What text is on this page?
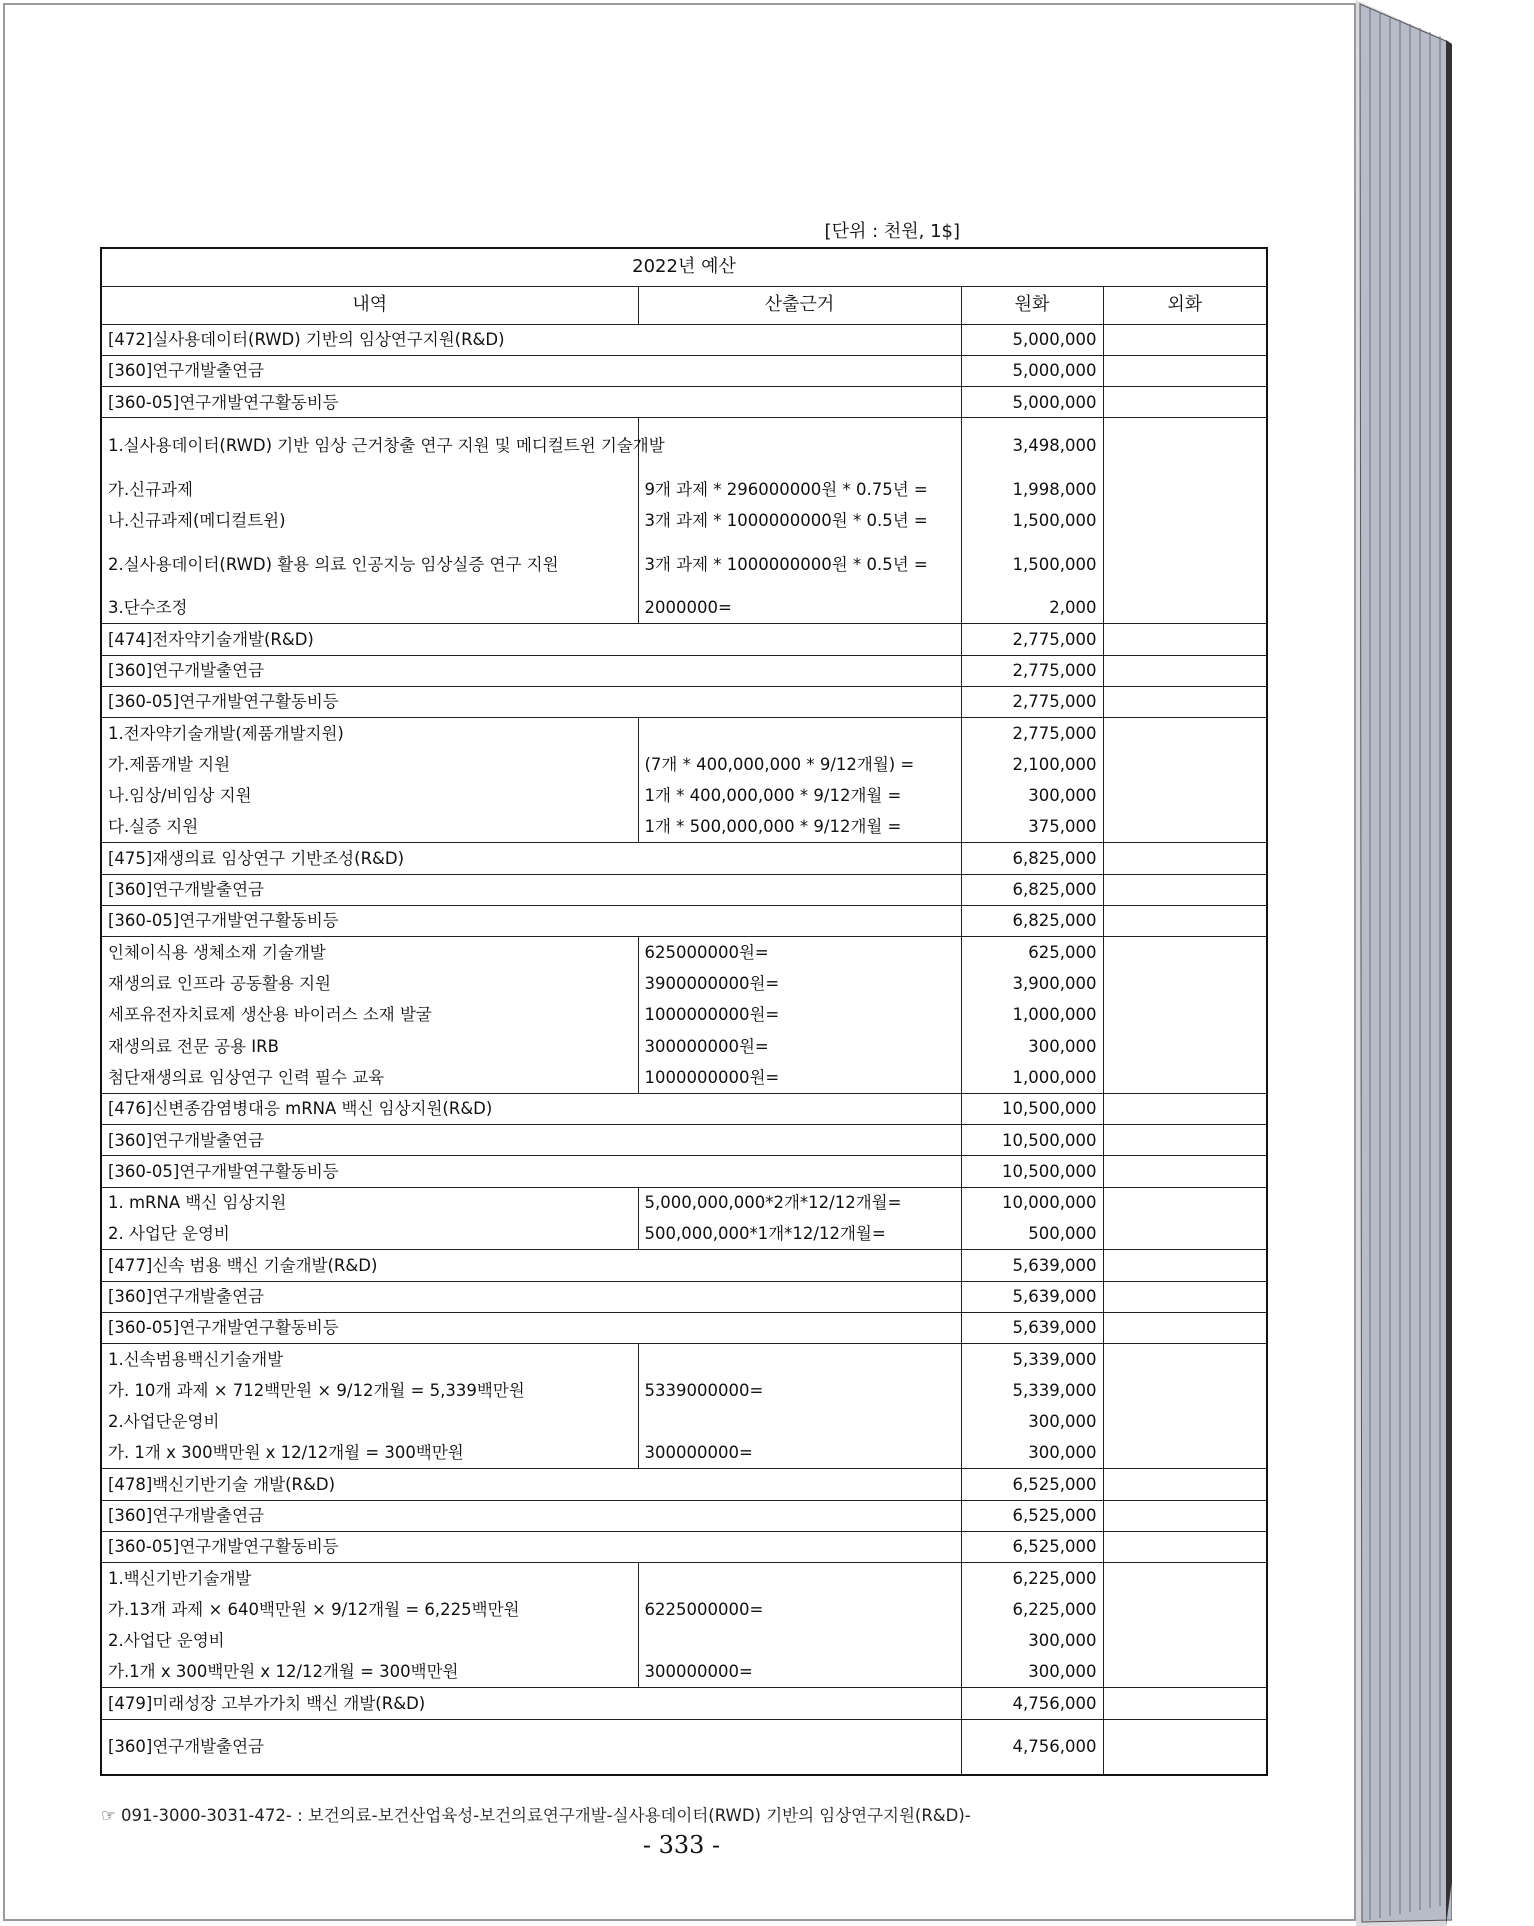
[단위 : 천원, 1$]
2022년 예산			
내역	산출근거	원화	외화
[472]실사용데이터(RWD) 기반의 임상연구지원(R&D)		5,000,000	
[360]연구개발출연금		5,000,000	
[360-05]연구개발연구활동비등		5,000,000	
1.실사용데이터(RWD) 기반 임상 근거창출 연구 지원 및 메디컬트윈 기술개발		3,498,000	
가.신규과제	9개 과제 * 296000000원 * 0.75년 =	1,998,000	
나.신규과제(메디컬트윈)	3개 과제 * 1000000000원 * 0.5년 =	1,500,000	
2.실사용데이터(RWD) 활용 의료 인공지능 임상실증 연구 지원	3개 과제 * 1000000000원 * 0.5년 =	1,500,000	
3.단수조정	2000000=	2,000	
[474]전자약기술개발(R&D)		2,775,000	
[360]연구개발출연금		2,775,000	
[360-05]연구개발연구활동비등		2,775,000	
1.전자약기술개발(제품개발지원)		2,775,000	
가.제품개발 지원	(7개 * 400,000,000 * 9/12개월) =	2,100,000	
나.임상/비임상 지원	1개 * 400,000,000 * 9/12개월 =	300,000	
다.실증 지원	1개 * 500,000,000 * 9/12개월 =	375,000	
[475]재생의료 임상연구 기반조성(R&D)		6,825,000	
[360]연구개발출연금		6,825,000	
[360-05]연구개발연구활동비등		6,825,000	
인체이식용 생체소재 기술개발	625000000원=	625,000	
재생의료 인프라 공동활용 지원	3900000000원=	3,900,000	
세포유전자치료제 생산용 바이러스 소재 발굴	1000000000원=	1,000,000	
재생의료 전문 공용 IRB	300000000원=	300,000	
첨단재생의료 임상연구 인력 필수 교육	1000000000원=	1,000,000	
[476]신변종감염병대응 mRNA 백신 임상지원(R&D)		10,500,000	
[360]연구개발출연금		10,500,000	
[360-05]연구개발연구활동비등		10,500,000	
1. mRNA 백신 임상지원	5,000,000,000*2개*12/12개월=	10,000,000	
2. 사업단 운영비	500,000,000*1개*12/12개월=	500,000	
[477]신속 범용 백신 기술개발(R&D)		5,639,000	
[360]연구개발출연금		5,639,000	
[360-05]연구개발연구활동비등		5,639,000	
1.신속범용백신기술개발		5,339,000	
가. 10개 과제 × 712백만원 × 9/12개월 = 5,339백만원	5339000000=	5,339,000	
2.사업단운영비		300,000	
가. 1개 x 300백만원 x 12/12개월 = 300백만원	300000000=	300,000	
[478]백신기반기술 개발(R&D)		6,525,000	
[360]연구개발출연금		6,525,000	
[360-05]연구개발연구활동비등		6,525,000	
1.백신기반기술개발		6,225,000	
가.13개 과제 × 640백만원 × 9/12개월 = 6,225백만원	6225000000=	6,225,000	
2.사업단 운영비		300,000	
가.1개 x 300백만원 x 12/12개월 = 300백만원	300000000=	300,000	
[479]미래성장 고부가가치 백신 개발(R&D)		4,756,000	
[360]연구개발출연금		4,756,000	
☞ 091-3000-3031-472- : 보건의료-보건산업육성-보건의료연구개발-실사용데이터(RWD) 기반의 임상연구지원(R&D)-
- 333 -
